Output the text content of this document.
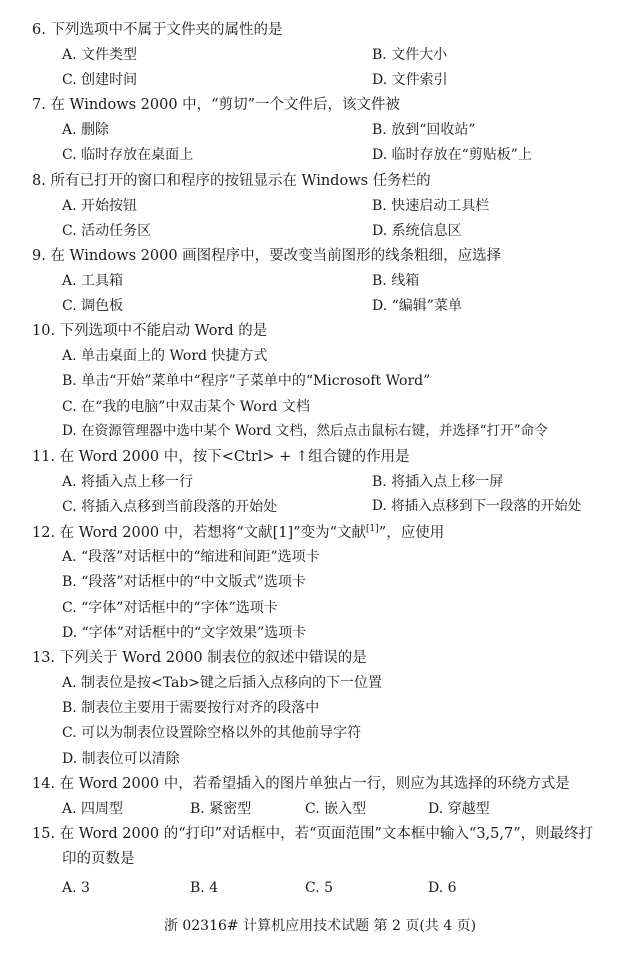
6. 下列选项中不属于文件夹的属性的是
A. 文件类型	B. 文件大小
C. 创建时间	D. 文件索引
7. 在 Windows 2000 中，“剪切”一个文件后，该文件被
A. 删除	B. 放到“回收站”
C. 临时存放在桌面上	D. 临时存放在“剪贴板”上
8. 所有已打开的窗口和程序的按钮显示在 Windows 任务栏的
A. 开始按钮	B. 快速启动工具栏
C. 活动任务区	D. 系统信息区
9. 在 Windows 2000 画图程序中，要改变当前图形的线条粗细，应选择
A. 工具箱	B. 线箱
C. 调色板	D. “编辑”菜单
10. 下列选项中不能启动 Word 的是
A. 单击桌面上的 Word 快捷方式
B. 单击“开始”菜单中“程序”子菜单中的“Microsoft Word”
C. 在“我的电脑”中双击某个 Word 文档
D. 在资源管理器中选中某个 Word 文档，然后点击鼠标右键，并选择“打开”命令
11. 在 Word 2000 中，按下<Ctrl> + ↑组合键的作用是
A. 将插入点上移一行	B. 将插入点上移一屏
C. 将插入点移到当前段落的开始处	D. 将插入点移到下一段落的开始处
12. 在 Word 2000 中，若想将“文献[1]”变为“文献[1]”，应使用
A. “段落”对话框中的“缩进和间距”选项卡
B. “段落”对话框中的“中文版式”选项卡
C. “字体”对话框中的“字体”选项卡
D. “字体”对话框中的“文字效果”选项卡
13. 下列关于 Word 2000 制表位的叙述中错误的是
A. 制表位是按<Tab>键之后插入点移向的下一位置
B. 制表位主要用于需要按行对齐的段落中
C. 可以为制表位设置除空格以外的其他前导字符
D. 制表位可以清除
14. 在 Word 2000 中，若希望插入的图片单独占一行，则应为其选择的环绕方式是
A. 四周型	B. 紧密型	C. 嵌入型	D. 穿越型
15. 在 Word 2000 的“打印”对话框中，若“页面范围”文本框中输入“3,5,7”，则最终打
印的页数是
A. 3	B. 4	C. 5	D. 6
浙 02316# 计算机应用技术试题 第 2 页(共 4 页)
